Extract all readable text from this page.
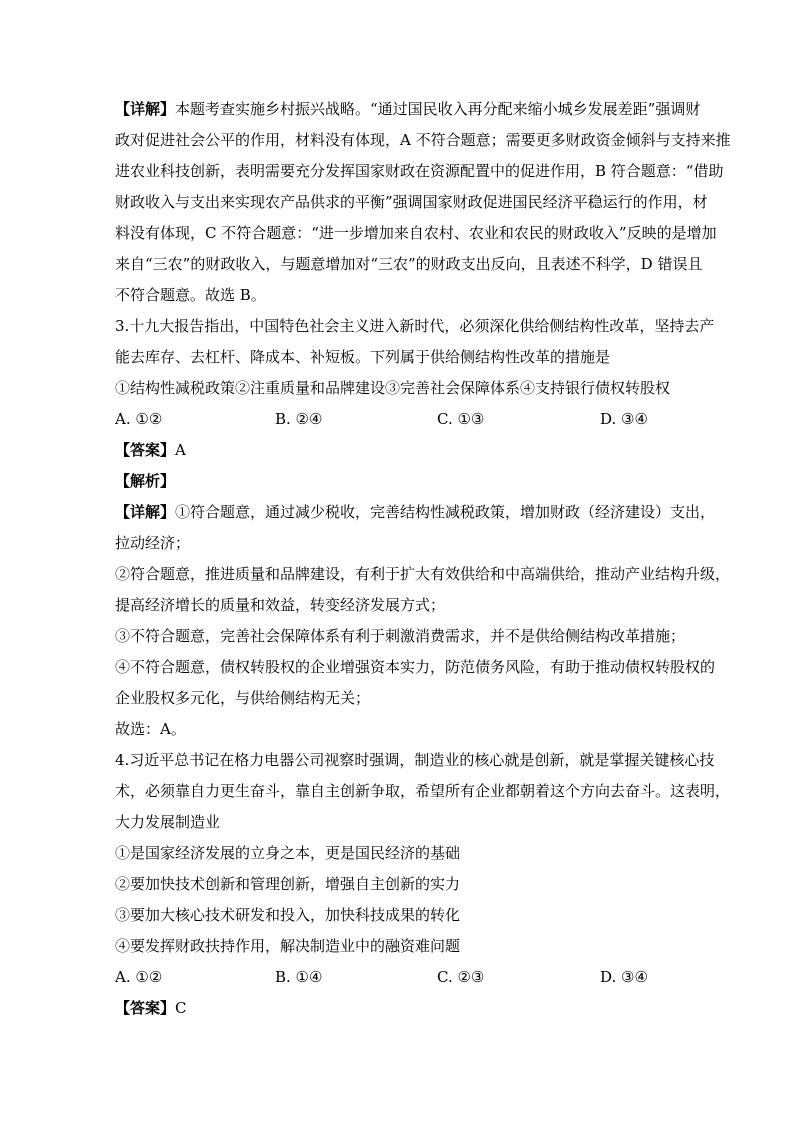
【详解】本题考查实施乡村振兴战略。“通过国民收入再分配来缩小城乡发展差距”强调财
政对促进社会公平的作用，材料没有体现，A 不符合题意；需要更多财政资金倾斜与支持来推
进农业科技创新，表明需要充分发挥国家财政在资源配置中的促进作用，B 符合题意：“借助
财政收入与支出来实现农产品供求的平衡”强调国家财政促进国民经济平稳运行的作用，材
料没有体现，C 不符合题意：“进一步增加来自农村、农业和农民的财政收入”反映的是增加
来自“三农”的财政收入，与题意增加对“三农”的财政支出反向，且表述不科学，D 错误且
不符合题意。故选 B。
3.十九大报告指出，中国特色社会主义进入新时代，必须深化供给侧结构性改革，坚持去产
能去库存、去杠杆、降成本、补短板。下列属于供给侧结构性改革的措施是
①结构性减税政策②注重质量和品牌建设③完善社会保障体系④支持银行债权转股权
A. ①②	B. ②④	C. ①③	D. ③④
【答案】A
【解析】
【详解】①符合题意，通过减少税收，完善结构性减税政策，增加财政（经济建设）支出，
拉动经济；
②符合题意，推进质量和品牌建设，有利于扩大有效供给和中高端供给，推动产业结构升级，
提高经济增长的质量和效益，转变经济发展方式；
③不符合题意，完善社会保障体系有利于刺激消费需求，并不是供给侧结构改革措施；
④不符合题意，债权转股权的企业增强资本实力，防范债务风险，有助于推动债权转股权的
企业股权多元化，与供给侧结构无关；
故选：A。
4.习近平总书记在格力电器公司视察时强调，制造业的核心就是创新，就是掌握关键核心技
术，必须靠自力更生奋斗，靠自主创新争取，希望所有企业都朝着这个方向去奋斗。这表明，
大力发展制造业
①是国家经济发展的立身之本，更是国民经济的基础
②要加快技术创新和管理创新，增强自主创新的实力
③要加大核心技术研发和投入，加快科技成果的转化
④要发挥财政扶持作用，解决制造业中的融资难问题
A. ①②	B. ①④	C. ②③	D. ③④
【答案】C
